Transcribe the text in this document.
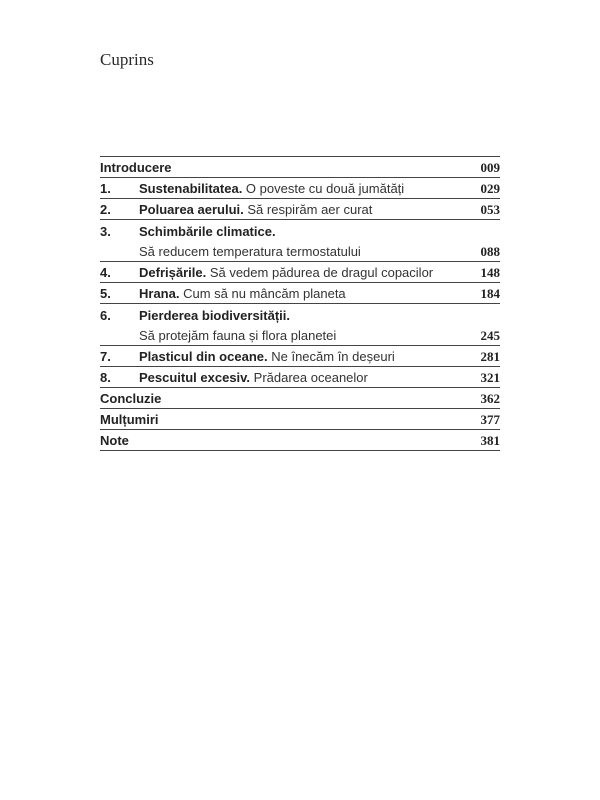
Cuprins
Introducere	009
1.	Sustenabilitatea. O poveste cu două jumătăți	029
2.	Poluarea aerului. Să respirăm aer curat	053
3.	Schimbările climatice.
Să reducem temperatura termostatului	088
4.	Defrișările. Să vedem pădurea de dragul copacilor	148
5.	Hrana. Cum să nu mâncăm planeta	184
6.	Pierderea biodiversității.
Să protejăm fauna și flora planetei	245
7.	Plasticul din oceane. Ne înecăm în deșeuri	281
8.	Pescuitul excesiv. Prădarea oceanelor	321
Concluzie	362
Mulțumiri	377
Note	381
